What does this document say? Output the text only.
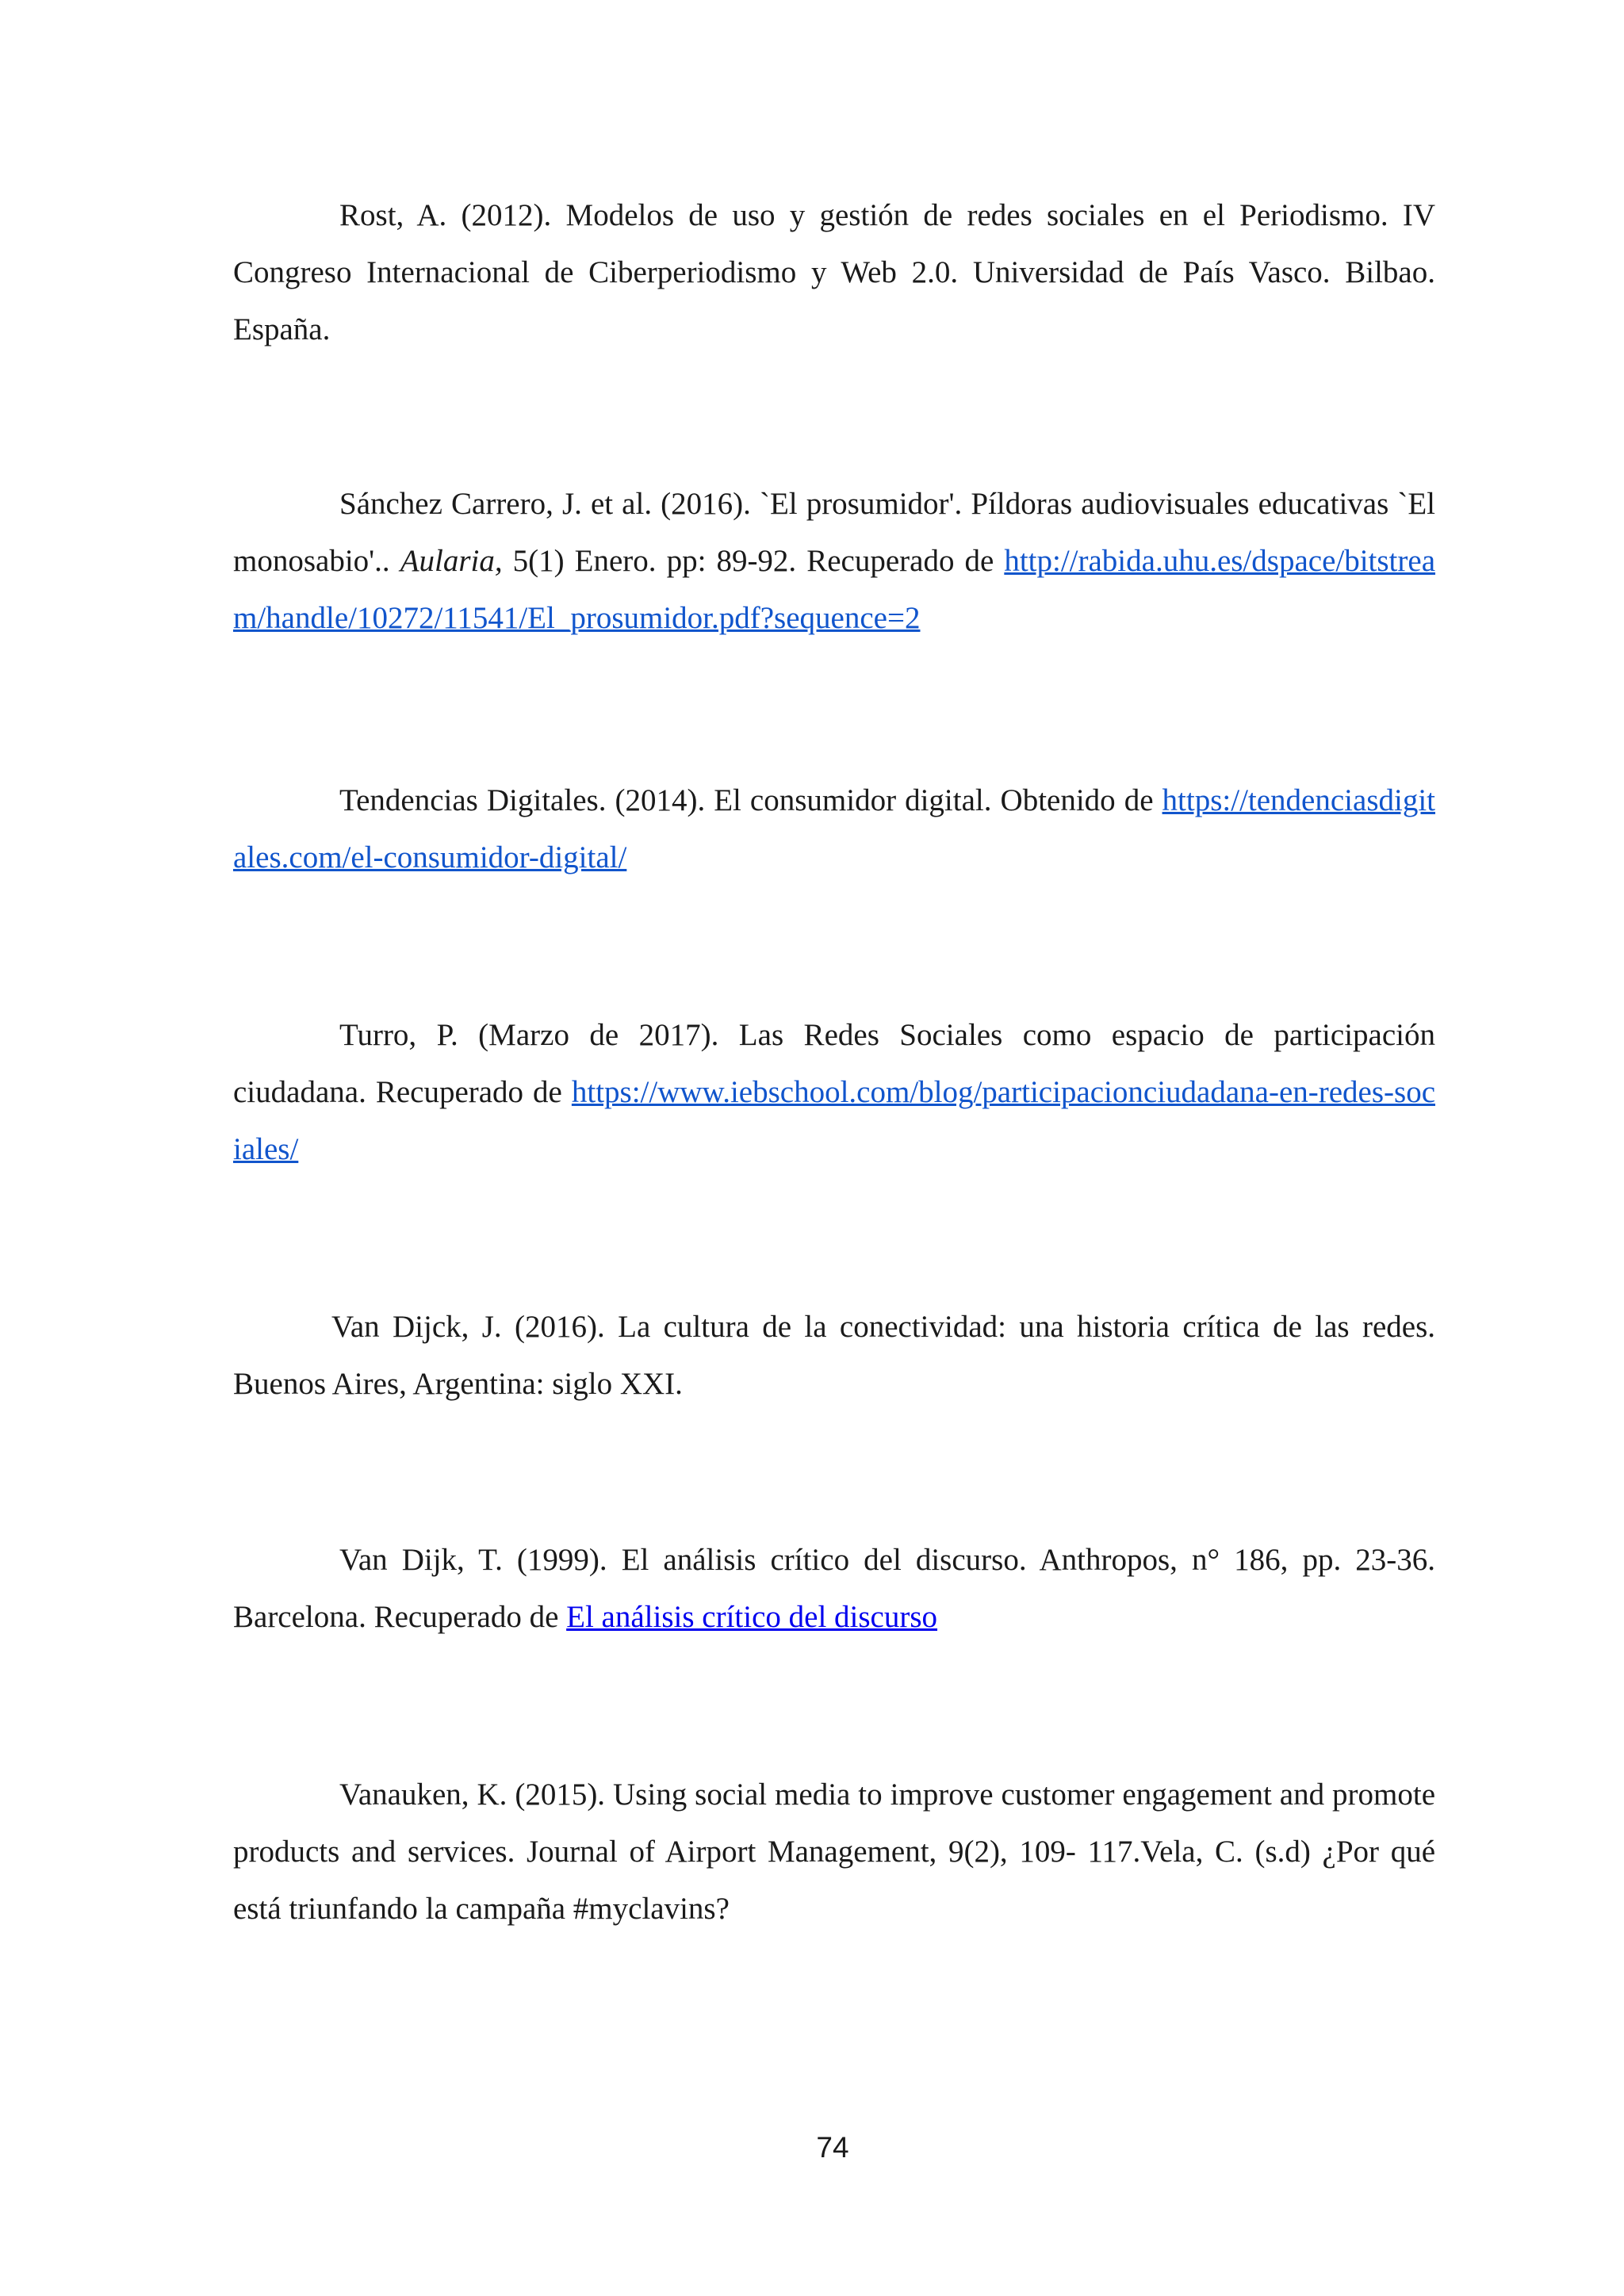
Rost, A. (2012). Modelos de uso y gestión de redes sociales en el Periodismo. IV Congreso Internacional de Ciberperiodismo y Web 2.0. Universidad de País Vasco. Bilbao. España.

Sánchez Carrero, J. et al. (2016). `El prosumidor'. Píldoras audiovisuales educativas `El monosabio'.. Aularia, 5(1) Enero. pp: 89-92. Recuperado de http://rabida.uhu.es/dspace/bitstream/handle/10272/11541/El_prosumidor.pdf?sequence=2

Tendencias Digitales. (2014). El consumidor digital. Obtenido de https://tendenciasdigitales.com/el-consumidor-digital/

Turro, P. (Marzo de 2017). Las Redes Sociales como espacio de participación ciudadana. Recuperado de https://www.iebschool.com/blog/participacionciudadana-en-redes-sociales/

Van Dijck, J. (2016). La cultura de la conectividad: una historia crítica de las redes. Buenos Aires, Argentina: siglo XXI.

Van Dijk, T. (1999). El análisis crítico del discurso. Anthropos, n° 186, pp. 23-36. Barcelona. Recuperado de El análisis crítico del discurso

Vanauken, K. (2015). Using social media to improve customer engagement and promote products and services. Journal of Airport Management, 9(2), 109- 117.Vela, C. (s.d) ¿Por qué está triunfando la campaña #myclavins?

74
